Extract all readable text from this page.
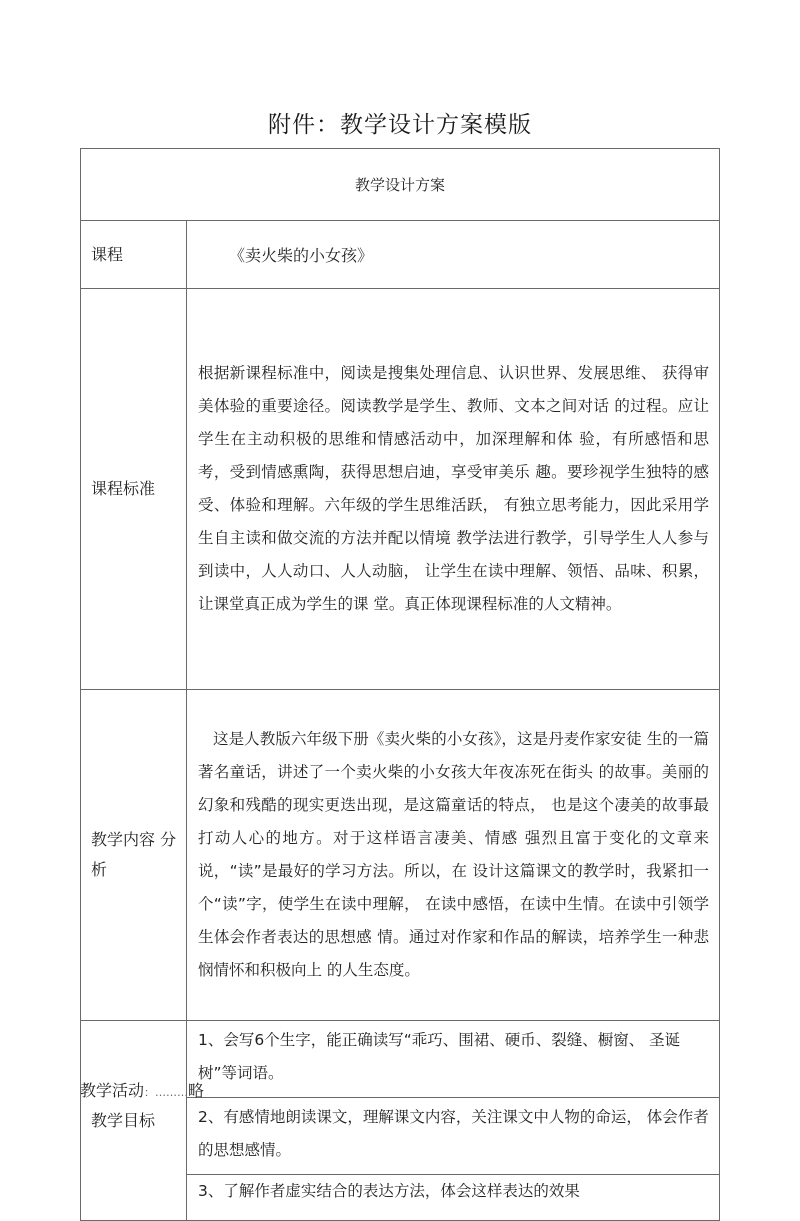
附件：教学设计方案模版
教学设计方案	
课程	《卖火柴的小女孩》
课程标准	根据新课程标准中，阅读是搜集处理信息、认识世界、发展思维、 获得审美体验的重要途径。阅读教学是学生、教师、文本之间对话 的过程。应让学生在主动积极的思维和情感活动中，加深理解和体 验，有所感悟和思考，受到情感熏陶，获得思想启迪，享受审美乐 趣。要珍视学生独特的感受、体验和理解。六年级的学生思维活跃， 有独立思考能力，因此采用学生自主读和做交流的方法并配以情境 教学法进行教学，引导学生人人参与到读中，人人动口、人人动脑， 让学生在读中理解、领悟、品味、积累，让课堂真正成为学生的课 堂。真正体现课程标准的人文精神。
教学内容 分析	这是人教版六年级下册《卖火柴的小女孩》，这是丹麦作家安徒 生的一篇著名童话，讲述了一个卖火柴的小女孩大年夜冻死在街头 的故事。美丽的幻象和残酷的现实更迭出现，是这篇童话的特点， 也是这个凄美的故事最打动人心的地方。对于这样语言凄美、情感 强烈且富于变化的文章来说，“读”是最好的学习方法。所以，在 设计这篇课文的教学时，我紧扣一个“读”字，使学生在读中理解， 在读中感悟，在读中生情。在读中引领学生体会作者表达的思想感 情。通过对作家和作品的解读，培养学生一种悲悯情怀和积极向上 的人生态度。
教学目标	1、会写6个生字，能正确读写“乖巧、围裙、硬币、裂缝、橱窗、 圣诞树”等词语。
	2、有感情地朗读课文，理解课文内容，关注课文中人物的命运， 体会作者的思想感情。
	3、了解作者虚实结合的表达方法，体会这样表达的效果
教学活动：………略
